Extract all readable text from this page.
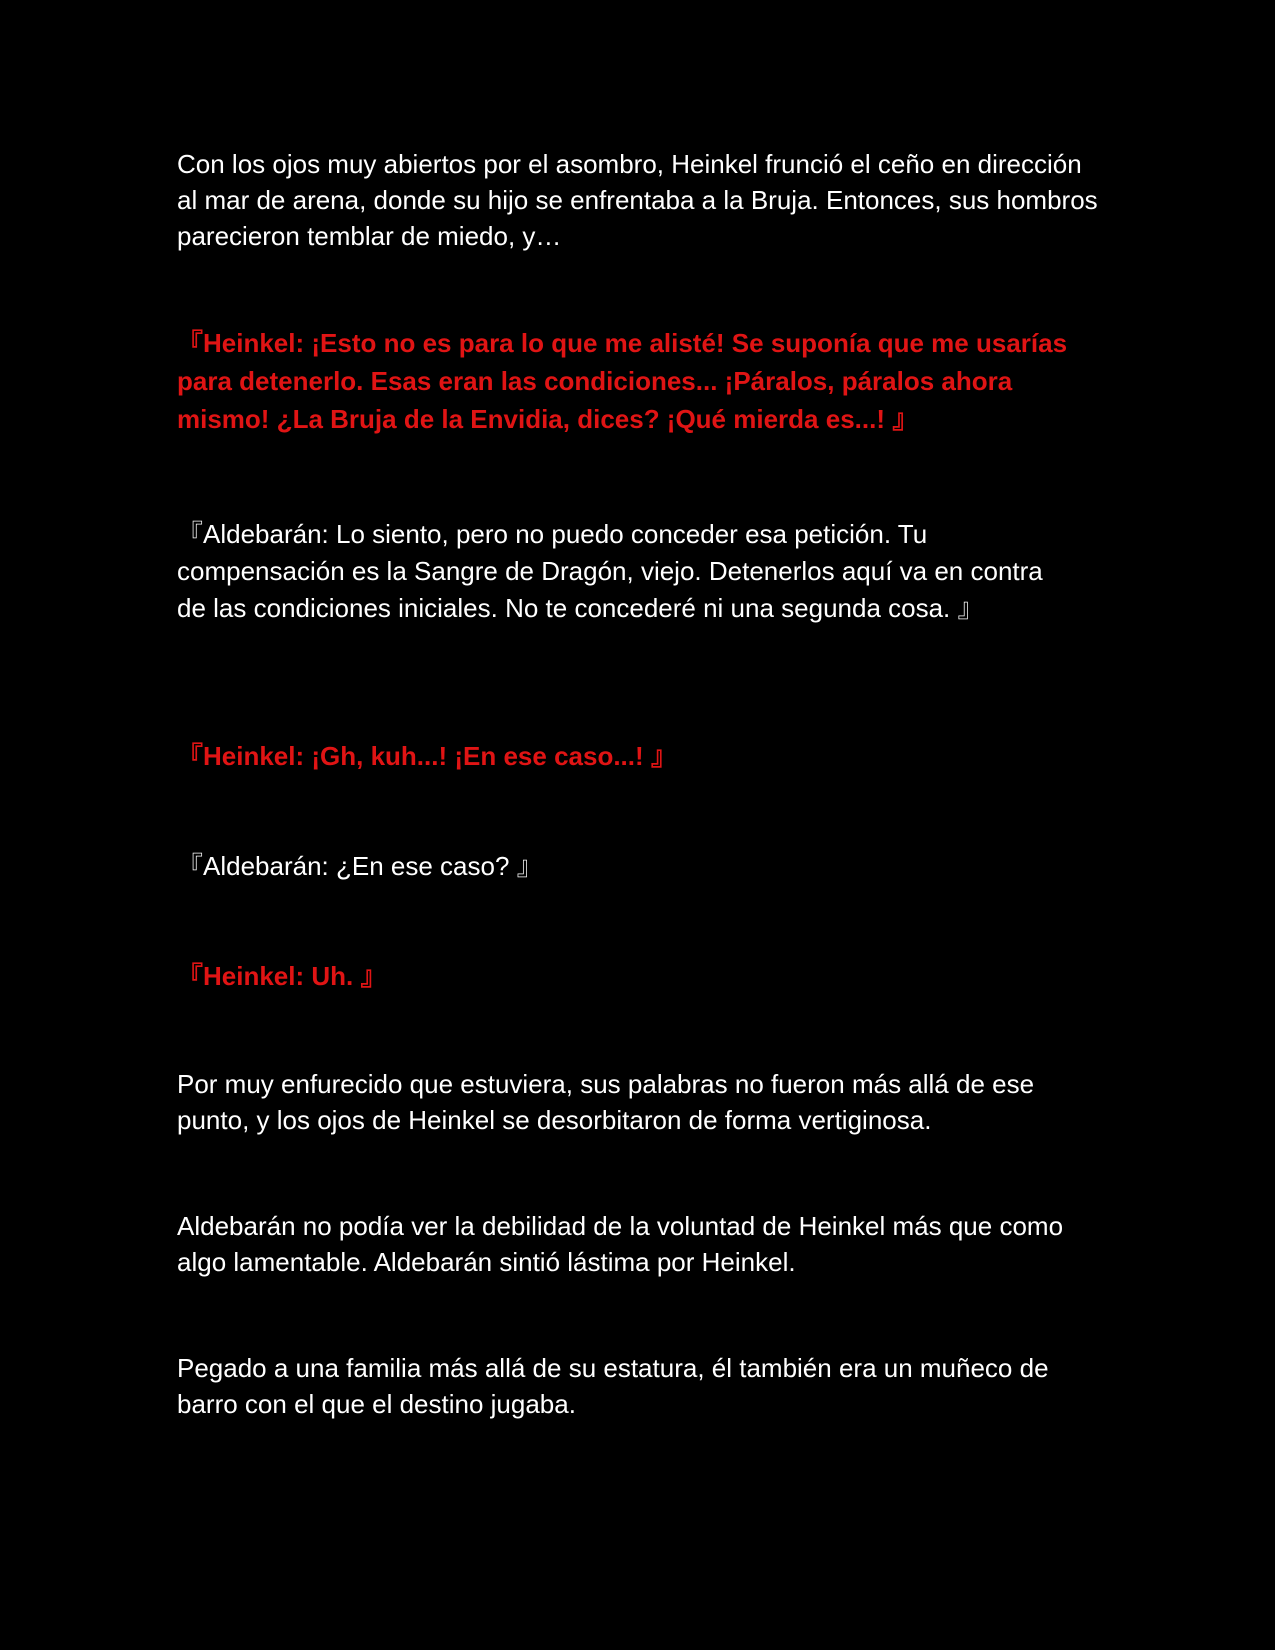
Con los ojos muy abiertos por el asombro, Heinkel frunció el ceño en dirección al mar de arena, donde su hijo se enfrentaba a la Bruja. Entonces, sus hombros parecieron temblar de miedo, y…

『Heinkel: ¡Esto no es para lo que me alisté! Se suponía que me usarías para detenerlo. Esas eran las condiciones... ¡Páralos, páralos ahora mismo! ¿La Bruja de la Envidia, dices? ¡Qué mierda es...! 』

『Aldebarán: Lo siento, pero no puedo conceder esa petición. Tu compensación es la Sangre de Dragón, viejo. Detenerlos aquí va en contra de las condiciones iniciales. No te concederé ni una segunda cosa. 』

『Heinkel: ¡Gh, kuh...! ¡En ese caso...! 』

『Aldebarán: ¿En ese caso? 』

『Heinkel: Uh. 』

Por muy enfurecido que estuviera, sus palabras no fueron más allá de ese punto, y los ojos de Heinkel se desorbitaron de forma vertiginosa.

Aldebarán no podía ver la debilidad de la voluntad de Heinkel más que como algo lamentable. Aldebarán sintió lástima por Heinkel.

Pegado a una familia más allá de su estatura, él también era un muñeco de barro con el que el destino jugaba.
